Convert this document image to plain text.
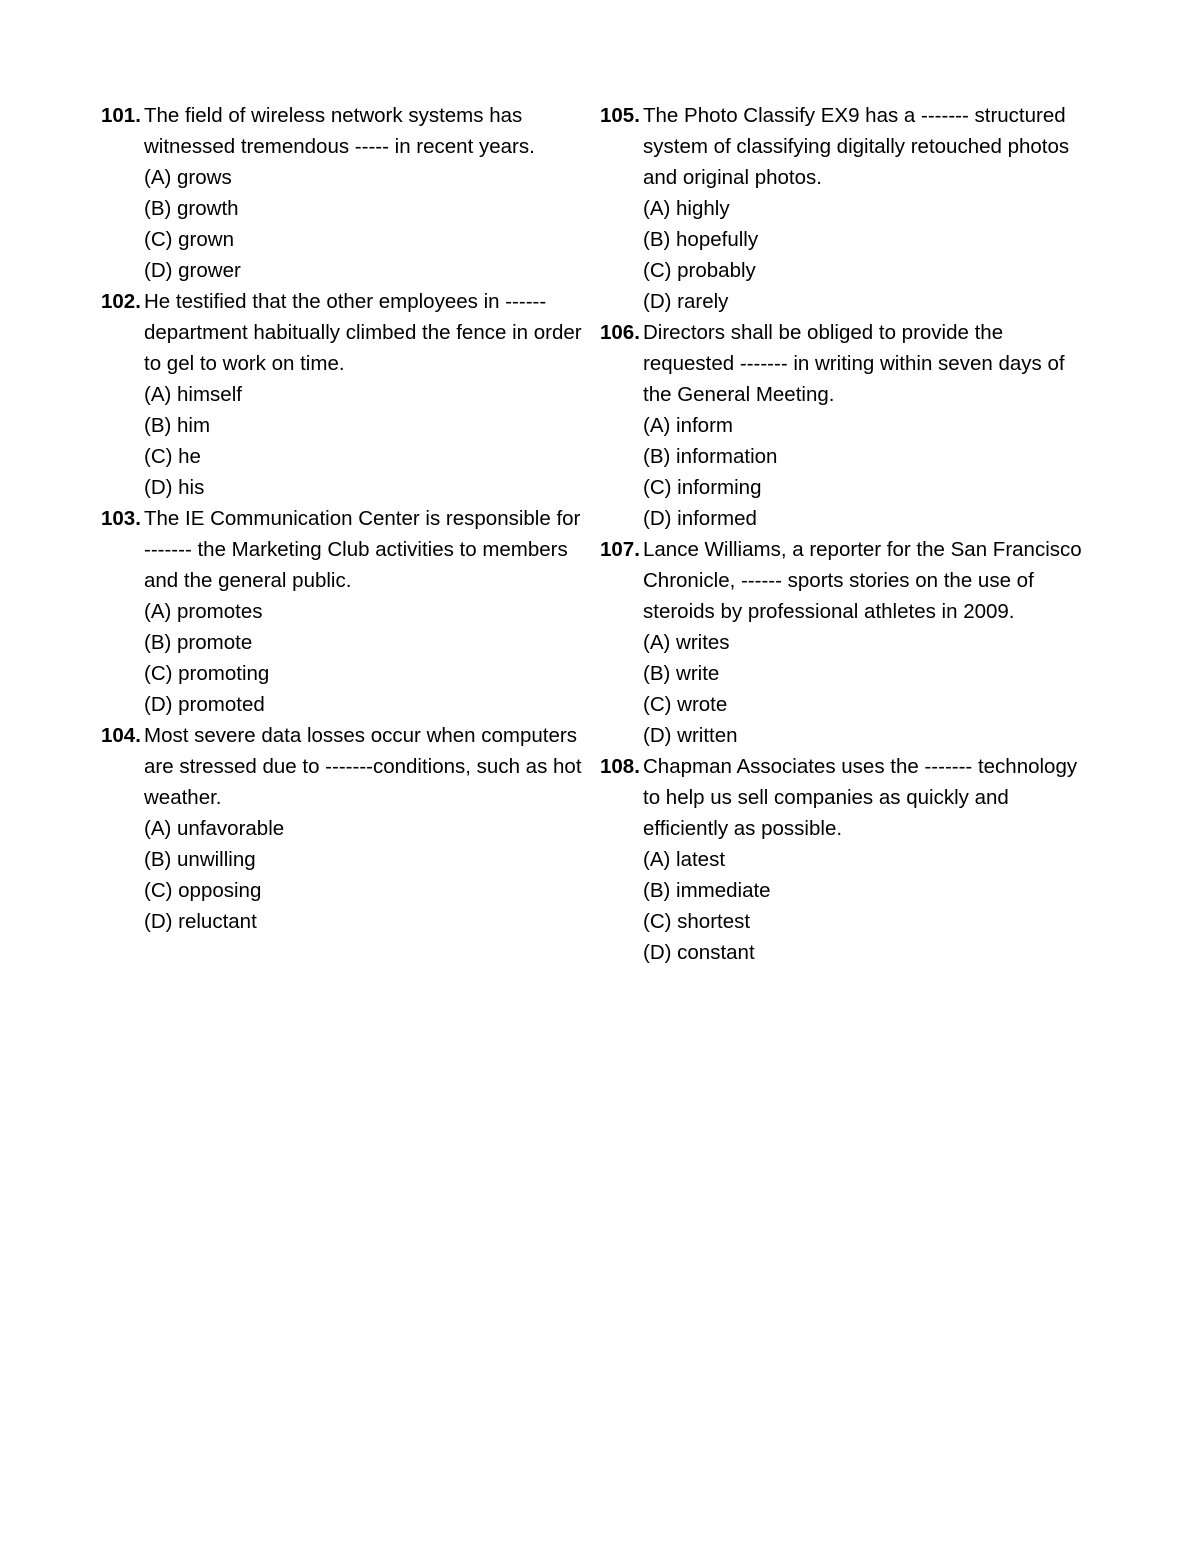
101. The field of wireless network systems has witnessed tremendous ----- in recent years.
(A) grows
(B) growth
(C) grown
(D) grower
102. He testified that the other employees in ------ department habitually climbed the fence in order to gel to work on time.
(A) himself
(B) him
(C) he
(D) his
103. The IE Communication Center is responsible for ------- the Marketing Club activities to members and the general public.
(A) promotes
(B) promote
(C) promoting
(D) promoted
104. Most severe data losses occur when computers are stressed due to -------conditions, such as hot weather.
(A) unfavorable
(B) unwilling
(C) opposing
(D) reluctant
105. The Photo Classify EX9 has a ------- structured system of classifying digitally retouched photos and original photos.
(A) highly
(B) hopefully
(C) probably
(D) rarely
106. Directors shall be obliged to provide the requested ------- in writing within seven days of the General Meeting.
(A) inform
(B) information
(C) informing
(D) informed
107. Lance Williams, a reporter for the San Francisco Chronicle, ------ sports stories on the use of steroids by professional athletes in 2009.
(A) writes
(B) write
(C) wrote
(D) written
108. Chapman Associates uses the ------- technology to help us sell companies as quickly and efficiently as possible.
(A) latest
(B) immediate
(C) shortest
(D) constant
